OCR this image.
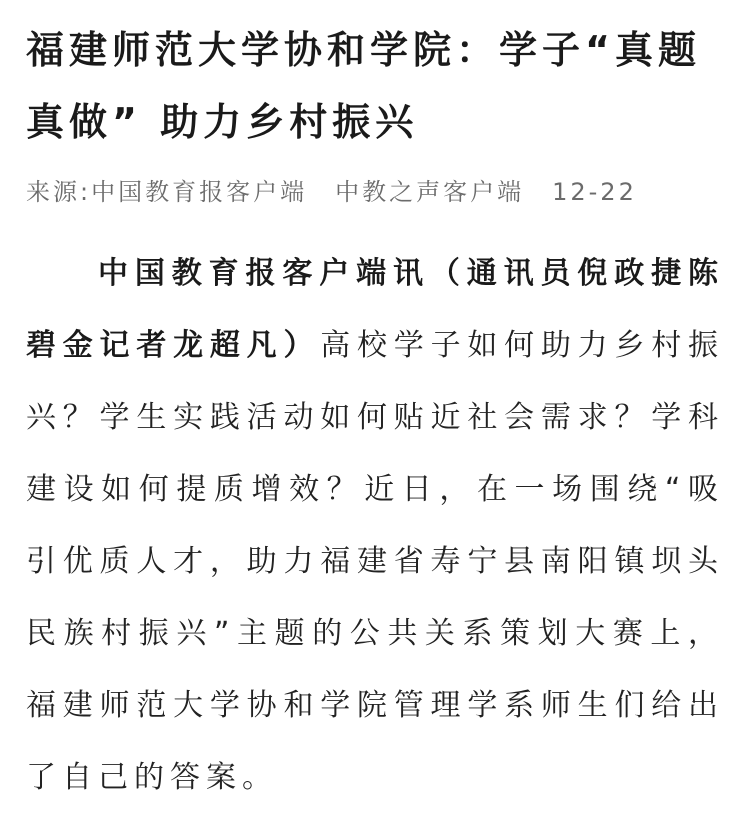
福建师范大学协和学院：学子“真题真做” 助力乡村振兴
来源:中国教育报客户端 中教之声客户端 12-22

中国教育报客户端讯（通讯员倪政捷陈碧金记者龙超凡）高校学子如何助力乡村振兴？学生实践活动如何贴近社会需求？学科建设如何提质增效？近日，在一场围绕“吸引优质人才，助力福建省寿宁县南阳镇坝头民族村振兴”主题的公共关系策划大赛上，福建师范大学协和学院管理学系师生们给出了自己的答案。
